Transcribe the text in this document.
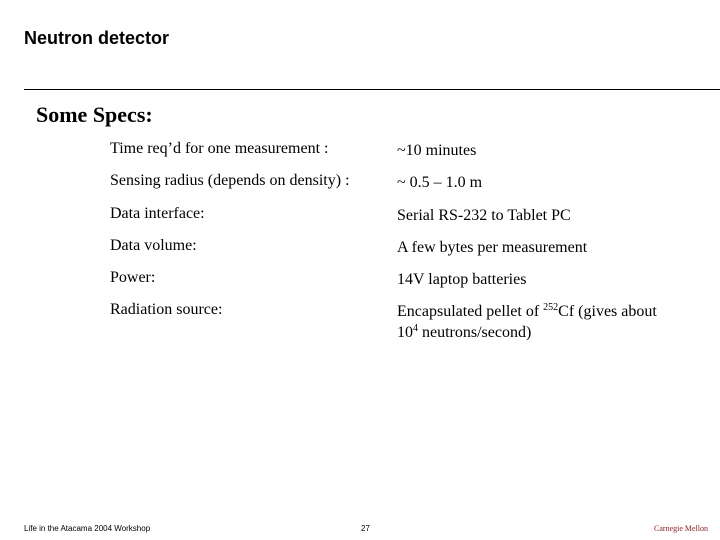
Neutron detector
Some Specs:
Time req’d for one measurement :	~10 minutes
Sensing radius (depends on density) :	~ 0.5 – 1.0 m
Data interface:	Serial RS-232 to Tablet PC
Data volume:	A few bytes per measurement
Power:	14V laptop batteries
Radiation source:	Encapsulated pellet of $^{252}$Cf (gives about $10^4$ neutrons/second)
Life in the Atacama 2004 Workshop	27	Carnegie Mellon
